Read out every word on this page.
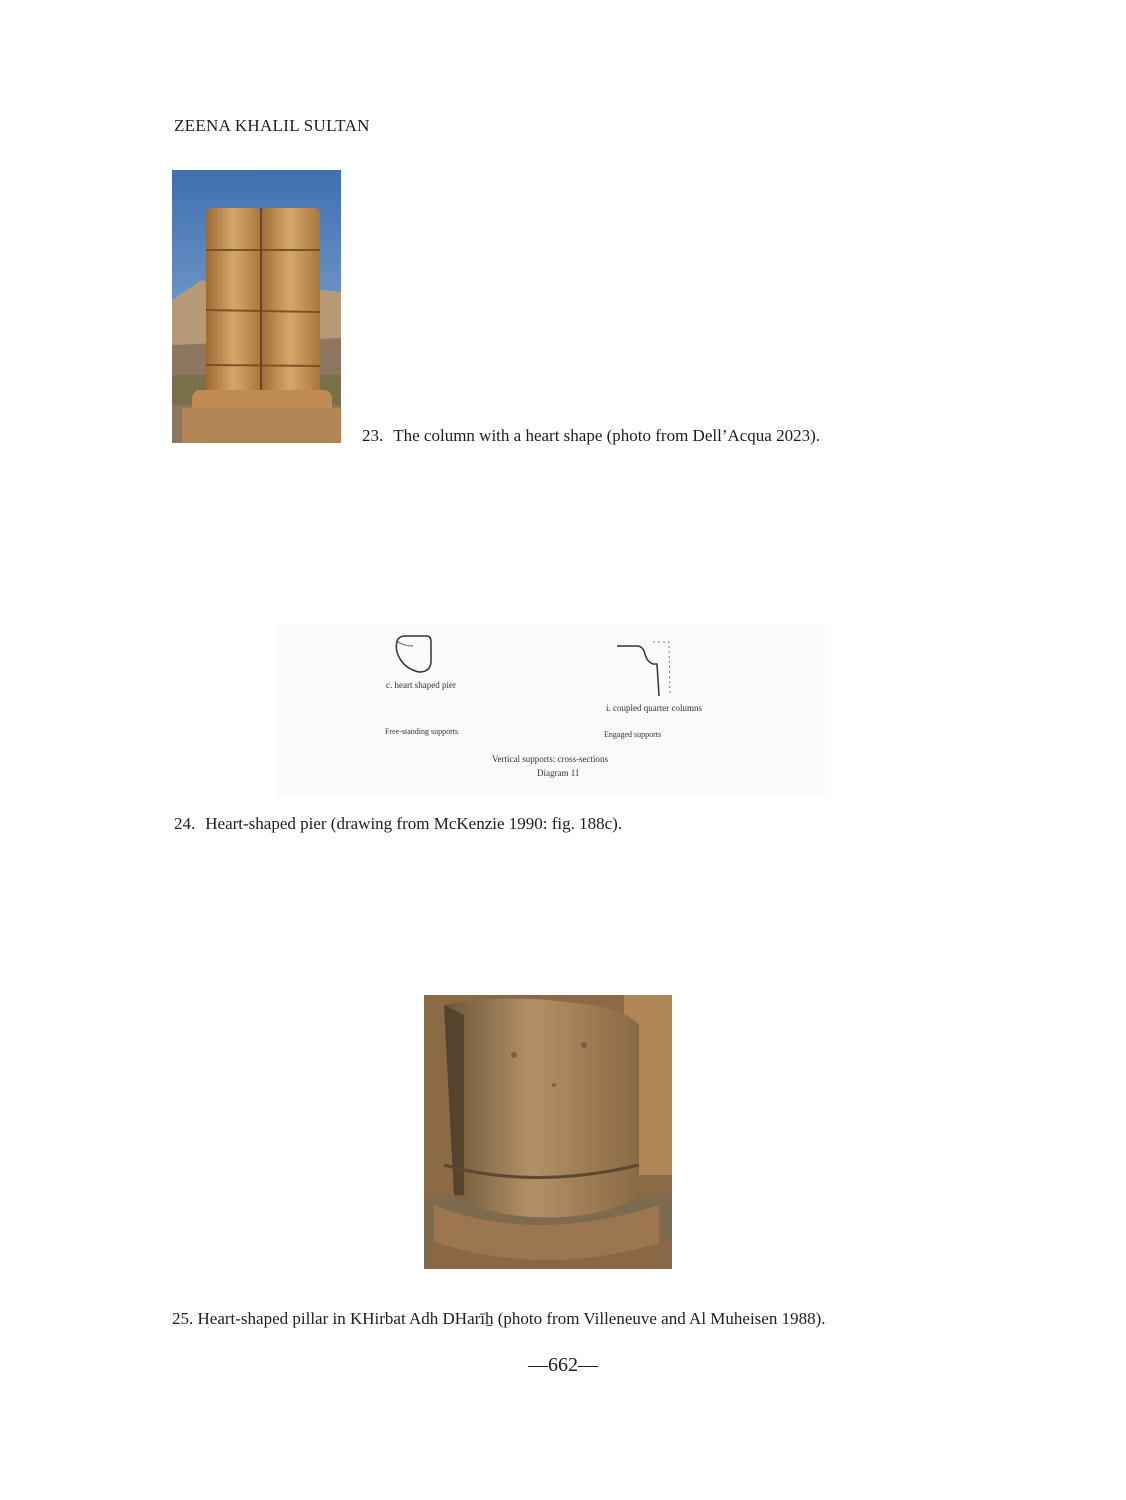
ZEENA KHALIL SULTAN
23. The column with a heart shape (photo from Dell’Acqua 2023).
c. heart shaped pier
i. coupled quarter columns
Free-standing supports	Engaged supports
Vertical supports: cross-sections
Diagram 11
24. Heart-shaped pier (drawing from McKenzie 1990: fig. 188c).
25. Heart-shaped pillar in KHirbat Adh DHarīẖ (photo from Villeneuve and Al Muheisen 1988).
—662—
